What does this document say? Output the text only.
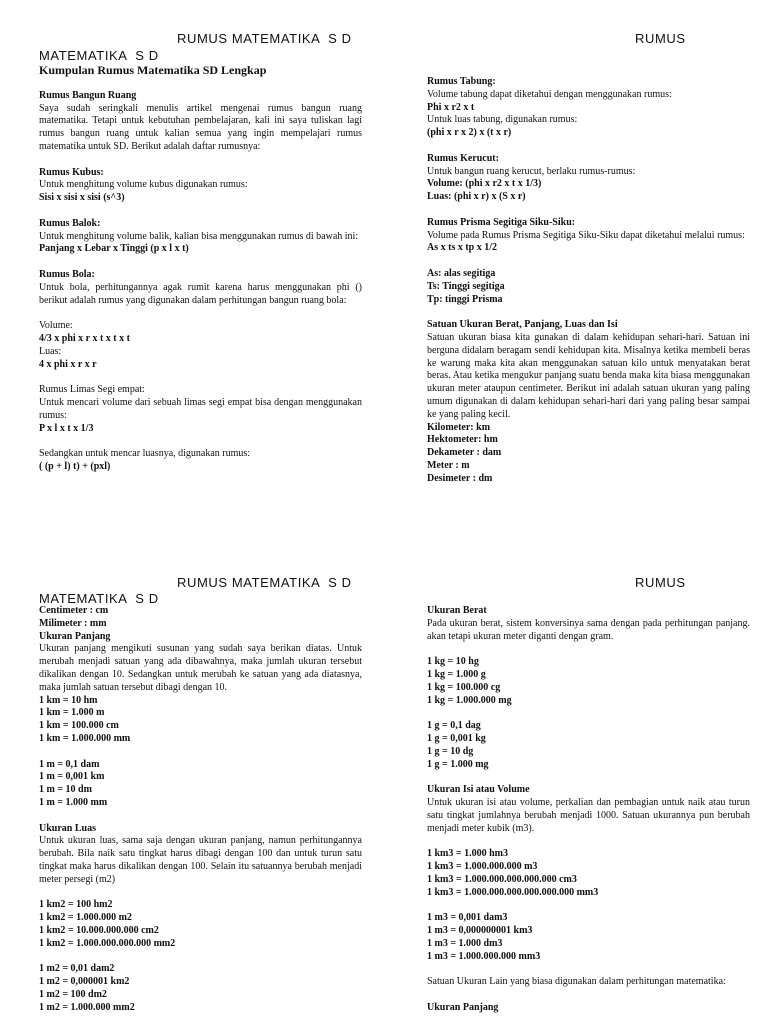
RUMUS MATEMATIKA  S D	RUMUS
MATEMATIKA  S D

Kumpulan Rumus Matematika SD Lengkap

Rumus Bangun Ruang

Saya sudah seringkali menulis artikel mengenai rumus bangun ruang matematika. Tetapi untuk kebutuhan pembelajaran, kali ini saya tuliskan lagi rumus bangun ruang untuk kalian semua yang ingin mempelajari rumus matematika untuk SD. Berikut adalah daftar rumusnya:

Rumus Kubus:

Untuk menghitung volume kubus digunakan rumus:

Sisi x sisi x sisi (s^3)

Rumus Balok:

Untuk menghitung volume balik, kalian bisa menggunakan rumus di bawah ini:

Panjang x Lebar x Tinggi (p x l x t)

Rumus Bola:

Untuk bola, perhitungannya agak rumit karena harus menggunakan phi () berikut adalah rumus yang digunakan dalam perhitungan bangun ruang bola:

Volume:

4/3 x phi x r x t x t x t

Luas:

4 x phi x r x r

Rumus Limas Segi empat:

Untuk mencari volume dari sebuah limas segi empat bisa dengan menggunakan rumus:

P x l x t x 1/3

Sedangkan untuk mencar luasnya, digunakan rumus:

( (p + l) t) + (pxl)

Rumus Tabung:

Volume tabung dapat diketahui dengan menggunakan rumus:

Phi x r2 x t

Untuk luas tabung, digunakan rumus:

(phi x r x 2) x (t x r)

Rumus Kerucut:

Untuk bangun ruang kerucut, berlaku rumus-rumus:

Volume: (phi x r2 x t x 1/3)

Luas: (phi x r) x (S x r)

Rumus Prisma Segitiga Siku-Siku:

Volume pada Rumus Prisma Segitiga Siku-Siku dapat diketahui melalui rumus:

As x ts x tp x 1/2

As: alas segitiga

Ts: Tinggi segitiga

Tp: tinggi Prisma

Satuan Ukuran Berat, Panjang, Luas dan Isi

Satuan ukuran biasa kita gunakan di dalam kehidupan sehari-hari. Satuan ini berguna didalam beragam sendi kehidupan kita. Misalnya ketika membeli beras ke warung maka kita akan menggunakan satuan kilo untuk menyatakan berat beras. Atau ketika mengukur panjang suatu benda maka kita biasa menggunakan ukuran meter ataupun centimeter. Berikut ini adalah satuan ukuran yang paling umum digunakan di dalam kehidupan sehari-hari dari yang paling besar sampai ke yang paling kecil.

Kilometer: km

Hektometer: hm

Dekameter : dam

Meter : m

Desimeter : dm

RUMUS MATEMATIKA  S D	RUMUS
MATEMATIKA  S D

Centimeter : cm

Milimeter : mm

Ukuran Panjang

Ukuran panjang mengikuti susunan yang sudah saya berikan diatas. Untuk merubah menjadi satuan yang ada dibawahnya, maka jumlah ukuran tersebut dikalikan dengan 10. Sedangkan untuk merubah ke satuan yang ada diatasnya, maka jumlah satuan tersebut dibagi dengan 10.

1 km = 10 hm

1 km = 1.000 m

1 km = 100.000 cm

1 km = 1.000.000 mm

1 m = 0,1 dam

1 m = 0,001 km

1 m = 10 dm

1 m = 1.000 mm

Ukuran Luas

Untuk ukuran luas, sama saja dengan ukuran panjang, namun perhitungannya berubah. Bila naik satu tingkat harus dibagi dengan 100 dan untuk turun satu tingkat maka harus dikalikan dengan 100. Selain itu satuannya berubah menjadi meter persegi (m2)

1 km2 = 100 hm2

1 km2 = 1.000.000 m2

1 km2 = 10.000.000.000 cm2

1 km2 = 1.000.000.000.000 mm2

1 m2 = 0,01 dam2

1 m2 = 0,000001 km2

1 m2 = 100 dm2

1 m2 = 1.000.000 mm2

Ukuran Berat

Pada ukuran berat, sistem konversinya sama dengan pada perhitungan panjang. akan tetapi ukuran meter diganti dengan gram.

1 kg = 10 hg

1 kg = 1.000 g

1 kg = 100.000 cg

1 kg = 1.000.000 mg

1 g = 0,1 dag

1 g = 0,001 kg

1 g = 10 dg

1 g = 1.000 mg

Ukuran Isi atau Volume

Untuk ukuran isi atau volume, perkalian dan pembagian untuk naik atau turun satu tingkat jumlahnya berubah menjadi 1000. Satuan ukurannya pun berubah menjadi meter kubik (m3).

1 km3 = 1.000 hm3

1 km3 = 1.000.000.000 m3

1 km3 = 1.000.000.000.000.000 cm3

1 km3 = 1.000.000.000.000.000.000 mm3

1 m3 = 0,001 dam3

1 m3 = 0,000000001 km3

1 m3 = 1.000 dm3

1 m3 = 1.000.000.000 mm3

Satuan Ukuran Lain yang biasa digunakan dalam perhitungan matematika:

Ukuran Panjang
